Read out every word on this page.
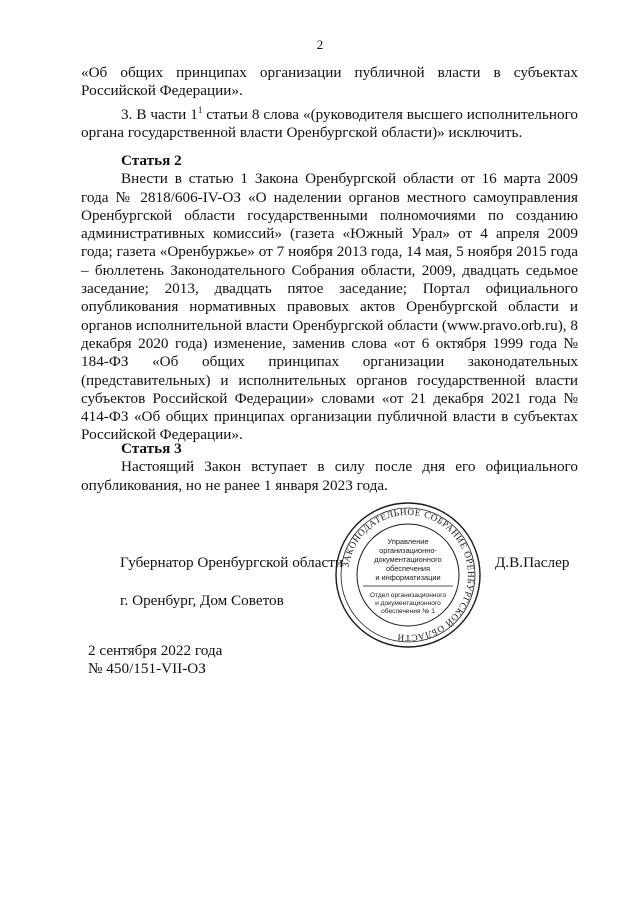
2

«Об общих принципах организации публичной власти в субъектах Российской Федерации».

3. В части $1^1$ статьи 8 слова «(руководителя высшего исполнительного органа государственной власти Оренбургской области)» исключить.

Статья 2

Внести в статью 1 Закона Оренбургской области от 16 марта 2009 года № 2818/606-IV-ОЗ «О наделении органов местного самоуправления Оренбургской области государственными полномочиями по созданию административных комиссий» (газета «Южный Урал» от 4 апреля 2009 года; газета «Оренбуржье» от 7 ноября 2013 года, 14 мая, 5 ноября 2015 года – бюллетень Законодательного Собрания области, 2009, двадцать седьмое заседание; 2013, двадцать пятое заседание; Портал официального опубликования нормативных правовых актов Оренбургской области и органов исполнительной власти Оренбургской области (www.pravo.orb.ru), 8 декабря 2020 года) изменение, заменив слова «от 6 октября 1999 года № 184-ФЗ «Об общих принципах организации законодательных (представительных) и исполнительных органов государственной власти субъектов Российской Федерации» словами «от 21 декабря 2021 года № 414-ФЗ «Об общих принципах организации публичной власти в субъектах Российской Федерации».

Статья 3

Настоящий Закон вступает в силу после дня его официального опубликования, но не ранее 1 января 2023 года.

Губернатор Оренбургской области	Д.В.Паслер
г. Оренбург, Дом Советов
2 сентября 2022 года
№ 450/151-VII-ОЗ
ЗАКОНОДАТЕЛЬНОЕ СОБРАНИЕ ОРЕНБУРГСКОЙ ОБЛАСТИ
Управление
организационно-
документационного
обеспечения
и информатизации
Отдел организационного
и документационного
обеспечения № 1
